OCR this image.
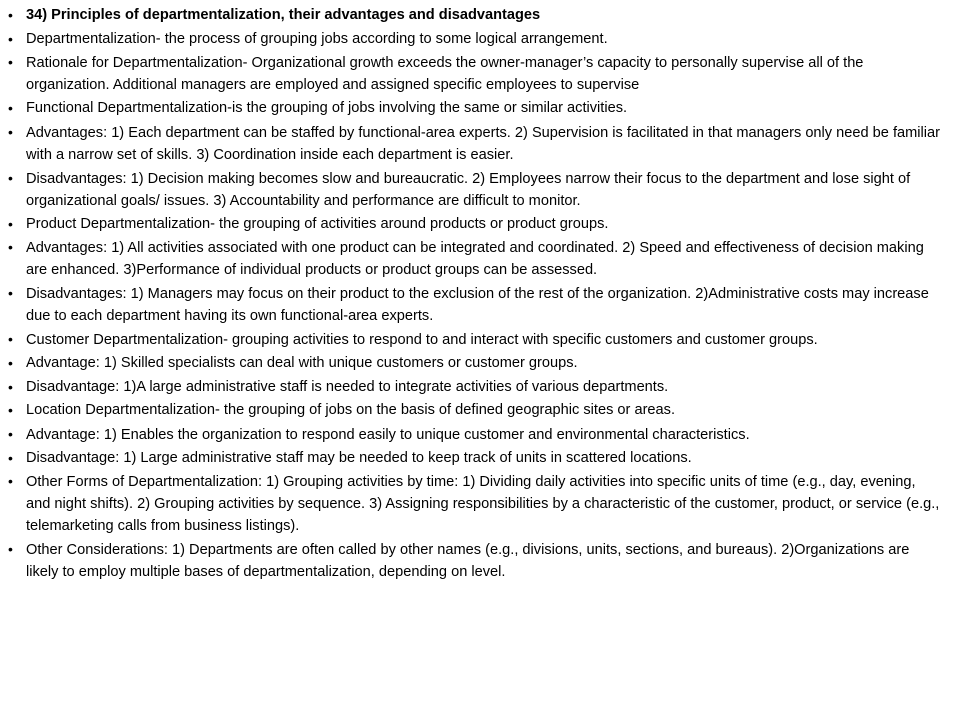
• 34) Principles of departmentalization, their advantages and disadvantages
• Departmentalization- the process of grouping jobs according to some logical arrangement.
• Rationale for Departmentalization- Organizational growth exceeds the owner-manager’s capacity to personally supervise all of the organization. Additional managers are employed and assigned specific employees to supervise
• Functional Departmentalization-is the grouping of jobs involving the same or similar activities.
• Advantages: 1) Each department can be staffed by functional-area experts. 2) Supervision is facilitated in that managers only need be familiar with a narrow set of skills. 3) Coordination inside each department is easier.
• Disadvantages: 1) Decision making becomes slow and bureaucratic. 2) Employees narrow their focus to the department and lose sight of organizational goals/ issues. 3) Accountability and performance are difficult to monitor.
• Product Departmentalization- the grouping of activities around products or product groups.
• Advantages: 1) All activities associated with one product can be integrated and coordinated. 2) Speed and effectiveness of decision making are enhanced. 3)Performance of individual products or product groups can be assessed.
• Disadvantages: 1) Managers may focus on their product to the exclusion of the rest of the organization. 2)Administrative costs may increase due to each department having its own functional-area experts.
• Customer Departmentalization- grouping activities to respond to and interact with specific customers and customer groups.
• Advantage: 1) Skilled specialists can deal with unique customers or customer groups.
• Disadvantage: 1)A large administrative staff is needed to integrate activities of various departments.
• Location Departmentalization- the grouping of jobs on the basis of defined geographic sites or areas.
• Advantage: 1) Enables the organization to respond easily to unique customer and environmental characteristics.
• Disadvantage: 1) Large administrative staff may be needed to keep track of units in scattered locations.
• Other Forms of Departmentalization: 1) Grouping activities by time: 1) Dividing daily activities into specific units of time (e.g., day, evening, and night shifts). 2) Grouping activities by sequence. 3) Assigning responsibilities by a characteristic of the customer, product, or service (e.g., telemarketing calls from business listings).
• Other Considerations: 1) Departments are often called by other names (e.g., divisions, units, sections, and bureaus). 2)Organizations are likely to employ multiple bases of departmentalization, depending on level.
